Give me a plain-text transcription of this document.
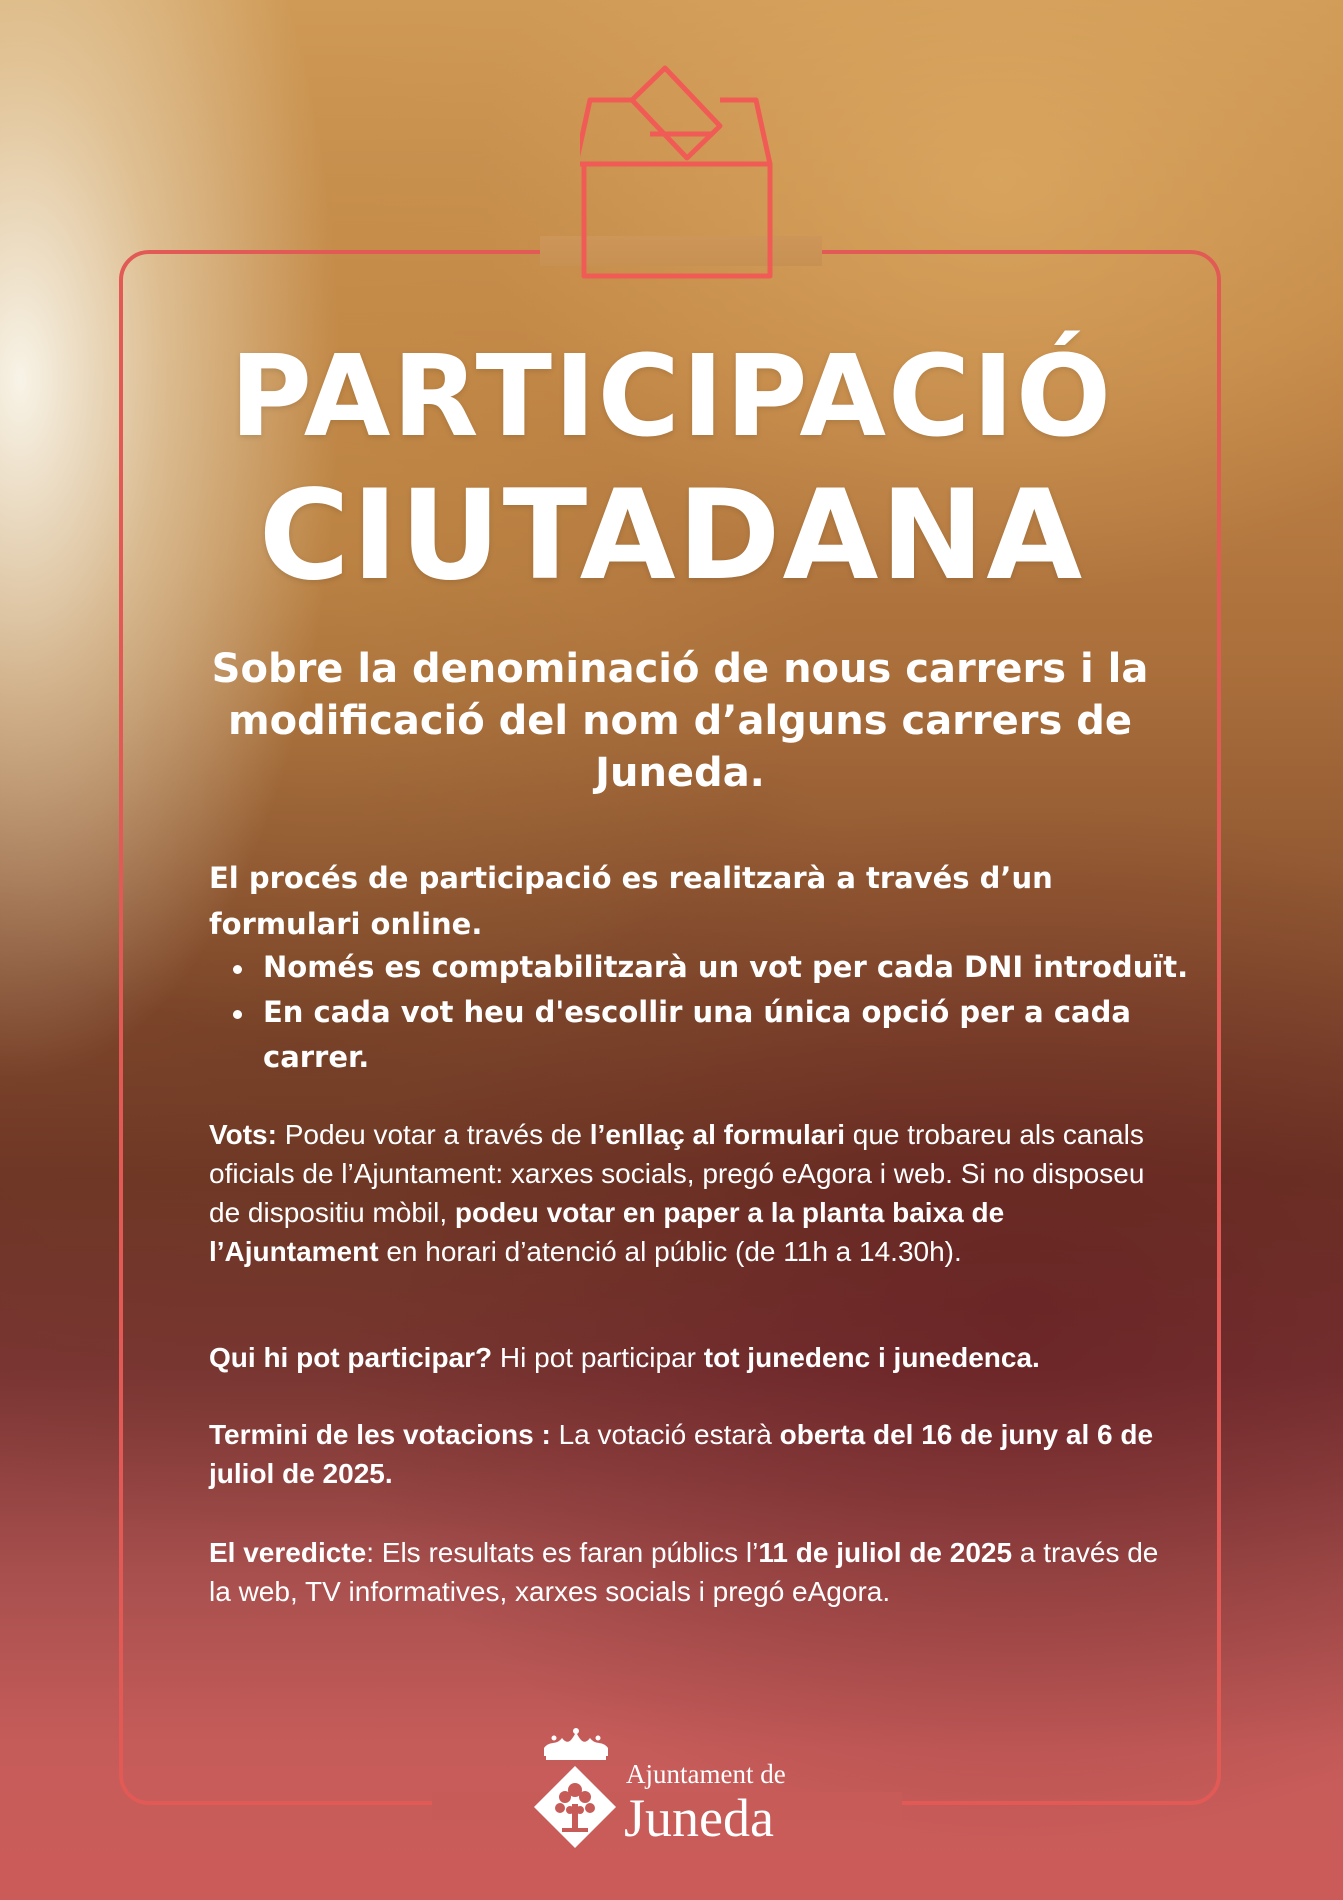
PARTICIPACIÓ
CIUTADANA
Sobre la denominació de nous carrers i la modificació del nom d’alguns carrers de Juneda.
El procés de participació es realitzarà a través d’un formulari online.
Només es comptabilitzarà un vot per cada DNI introduït.
En cada vot heu d'escollir una única opció per a cada carrer.
Vots: Podeu votar a través de l’enllaç al formulari que trobareu als canals oficials de l’Ajuntament: xarxes socials, pregó eAgora i web. Si no disposeu de dispositiu mòbil, podeu votar en paper a la planta baixa de l’Ajuntament en horari d’atenció al públic (de 11h a 14.30h).
Qui hi pot participar? Hi pot participar tot junedenc i junedenca.
Termini de les votacions : La votació estarà oberta del 16 de juny al 6 de juliol de 2025.
El veredicte: Els resultats es faran públics l’11 de juliol de 2025 a través de la web, TV informatives, xarxes socials i pregó eAgora.
Ajuntament de
Juneda
